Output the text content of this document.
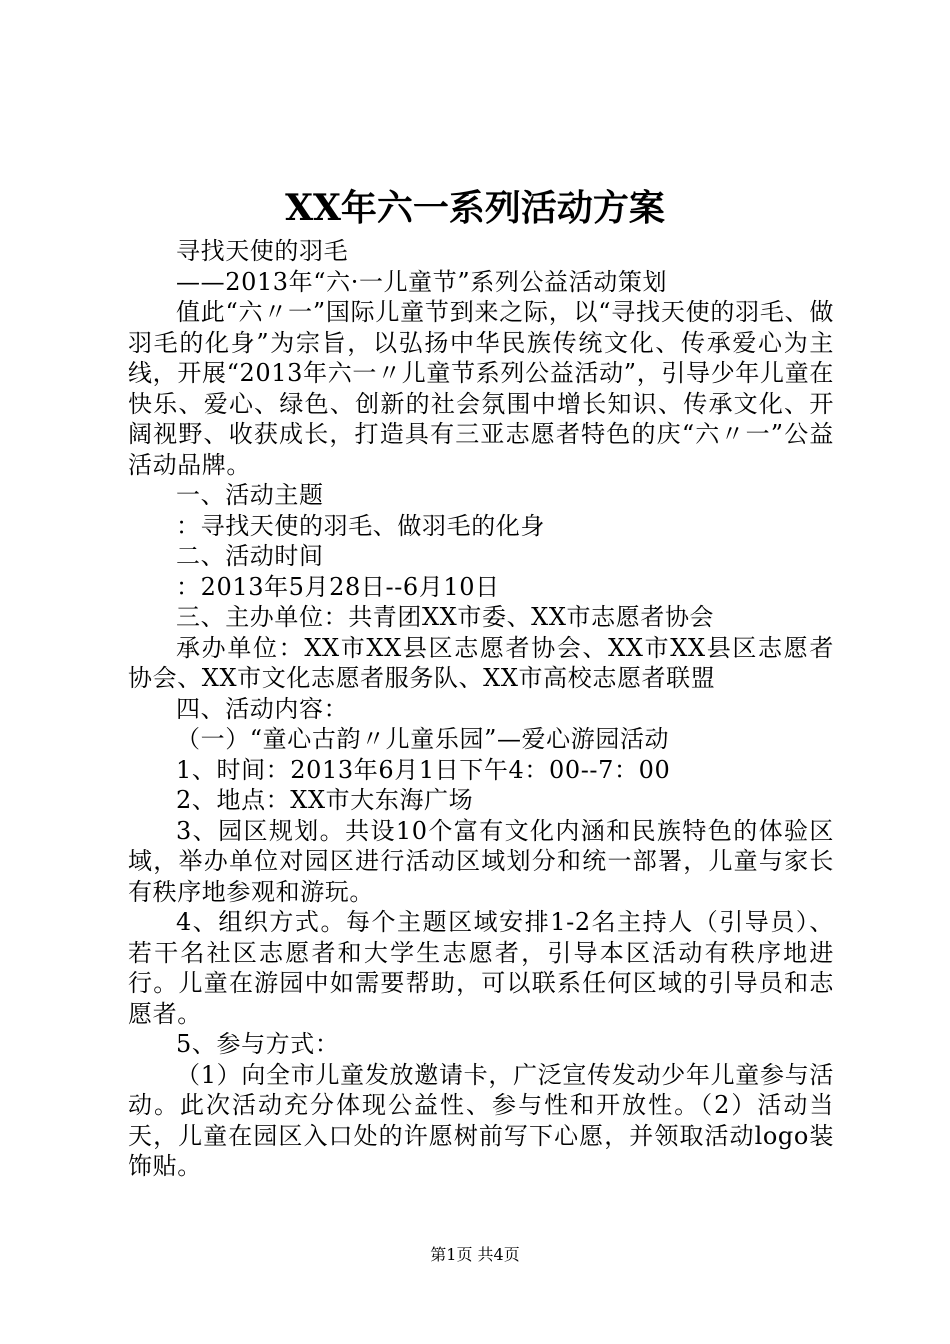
XX年六一系列活动方案

寻找天使的羽毛

——2013年“六·一儿童节”系列公益活动策划

值此“六〃一”国际儿童节到来之际，以“寻找天使的羽毛、做羽毛的化身”为宗旨，以弘扬中华民族传统文化、传承爱心为主线，开展“2013年六一〃儿童节系列公益活动”，引导少年儿童在快乐、爱心、绿色、创新的社会氛围中增长知识、传承文化、开阔视野、收获成长，打造具有三亚志愿者特色的庆“六〃一”公益活动品牌。

一、活动主题

：寻找天使的羽毛、做羽毛的化身

二、活动时间

：2013年5月28日--6月10日

三、主办单位：共青团XX市委、XX市志愿者协会

承办单位：XX市XX县区志愿者协会、XX市XX县区志愿者协会、XX市文化志愿者服务队、XX市高校志愿者联盟

四、活动内容：

（一）“童心古韵〃儿童乐园”—爱心游园活动

1、时间：2013年6月1日下午4：00--7：00

2、地点：XX市大东海广场

3、园区规划。共设10个富有文化内涵和民族特色的体验区域，举办单位对园区进行活动区域划分和统一部署，儿童与家长有秩序地参观和游玩。

4、组织方式。每个主题区域安排1-2名主持人（引导员）、若干名社区志愿者和大学生志愿者，引导本区活动有秩序地进行。儿童在游园中如需要帮助，可以联系任何区域的引导员和志愿者。

5、参与方式：

（1）向全市儿童发放邀请卡，广泛宣传发动少年儿童参与活动。此次活动充分体现公益性、参与性和开放性。（2）活动当天，儿童在园区入口处的许愿树前写下心愿，并领取活动logo装饰贴。

第1页 共4页
